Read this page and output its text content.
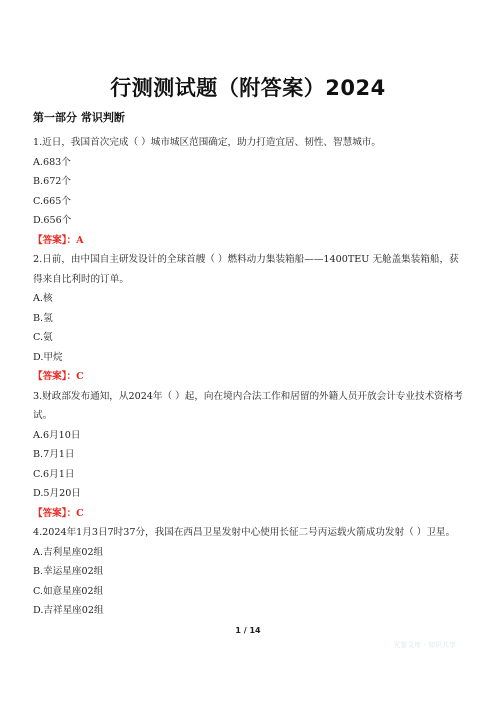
行测测试题（附答案）2024
第一部分 常识判断

1.近日，我国首次完成（ ）城市城区范围确定，助力打造宜居、韧性、智慧城市。

A.683个

B.672个

C.665个

D.656个

【答案】：A

2.日前，由中国自主研发设计的全球首艘（ ）燃料动力集装箱船——1400TEU 无舱盖集装箱船，获得来自比利时的订单。

A.核

B.氢

C.氨

D.甲烷

【答案】：C

3.财政部发布通知，从2024年（ ）起，向在境内合法工作和居留的外籍人员开放会计专业技术资格考试。

A.6月10日

B.7月1日

C.6月1日

D.5月20日

【答案】：C

4.2024年1月3日7时37分，我国在西昌卫星发射中心使用长征二号丙运载火箭成功发射（ ）卫星。

A.吉利星座02组

B.幸运星座02组

C.如意星座02组

D.吉祥星座02组

1 / 14
光鉴文库 · 知识共享
